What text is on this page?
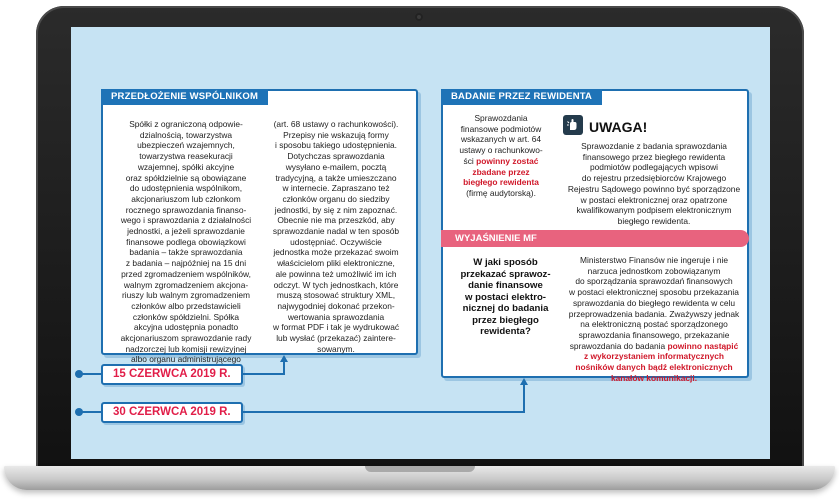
PRZEDŁOŻENIE WSPÓLNIKOM
Spółki z ograniczoną odpowie-
dzialnością, towarzystwa
ubezpieczeń wzajemnych,
towarzystwa reasekuracji
wzajemnej, spółki akcyjne
oraz spółdzielnie są obowiązane
do udostępnienia wspólnikom,
akcjonariuszom lub członkom
rocznego sprawozdania finanso-
wego i sprawozdania z działalności
jednostki, a jeżeli sprawozdanie
finansowe podlega obowiązkowi
badania – także sprawozdania
z badania – najpóźniej na 15 dni
przed zgromadzeniem wspólników,
walnym zgromadzeniem akcjona-
riuszy lub walnym zgromadzeniem
członków albo przedstawicieli
członków spółdzielni. Spółka
akcyjna udostępnia ponadto
akcjonariuszom sprawozdanie rady
nadzorczej lub komisji rewizyjnej
albo organu administrującego
(art. 68 ustawy o rachunkowości).
Przepisy nie wskazują formy
i sposobu takiego udostępnienia.
Dotychczas sprawozdania
wysyłano e-mailem, pocztą
tradycyjną, a także umieszczano
w internecie. Zapraszano też
członków organu do siedziby
jednostki, by się z nim zapoznać.
Obecnie nie ma przeszkód, aby
sprawozdanie nadal w ten sposób
udostępniać. Oczywiście
jednostka może przekazać swoim
właścicielom pliki elektroniczne,
ale powinna też umożliwić im ich
odczyt. W tych jednostkach, które
muszą stosować struktury XML,
najwygodniej dokonać przekon-
wertowania sprawozdania
w format PDF i tak je wydrukować
lub wysłać (przekazać) zaintere-
sowanym.
BADANIE PRZEZ REWIDENTA
Sprawozdania
finansowe podmiotów
wskazanych w art. 64
ustawy o rachunkowo-
ści powinny zostać
zbadane przez
biegłego rewidenta
(firmę audytorską).
UWAGA!
Sprawozdanie z badania sprawozdania
finansowego przez biegłego rewidenta
podmiotów podlegających wpisowi
do rejestru przedsiębiorców Krajowego
Rejestru Sądowego powinno być sporządzone
w postaci elektronicznej oraz opatrzone
kwalifikowanym podpisem elektronicznym
biegłego rewidenta.
WYJAŚNIENIE MF
W jaki sposób
przekazać sprawoz-
danie finansowe
w postaci elektro-
nicznej do badania
przez biegłego
rewidenta?
Ministerstwo Finansów nie ingeruje i nie
narzuca jednostkom zobowiązanym
do sporządzania sprawozdań finansowych
w postaci elektronicznej sposobu przekazania
sprawozdania do biegłego rewidenta w celu
przeprowadzenia badania. Zważywszy jednak
na elektroniczną postać sporządzonego
sprawozdania finansowego, przekazanie
sprawozdania do badania powinno nastąpić
z wykorzystaniem informatycznych
nośników danych bądź elektronicznych
kanałów komunikacji.
15 CZERWCA 2019 R.
30 CZERWCA 2019 R.
